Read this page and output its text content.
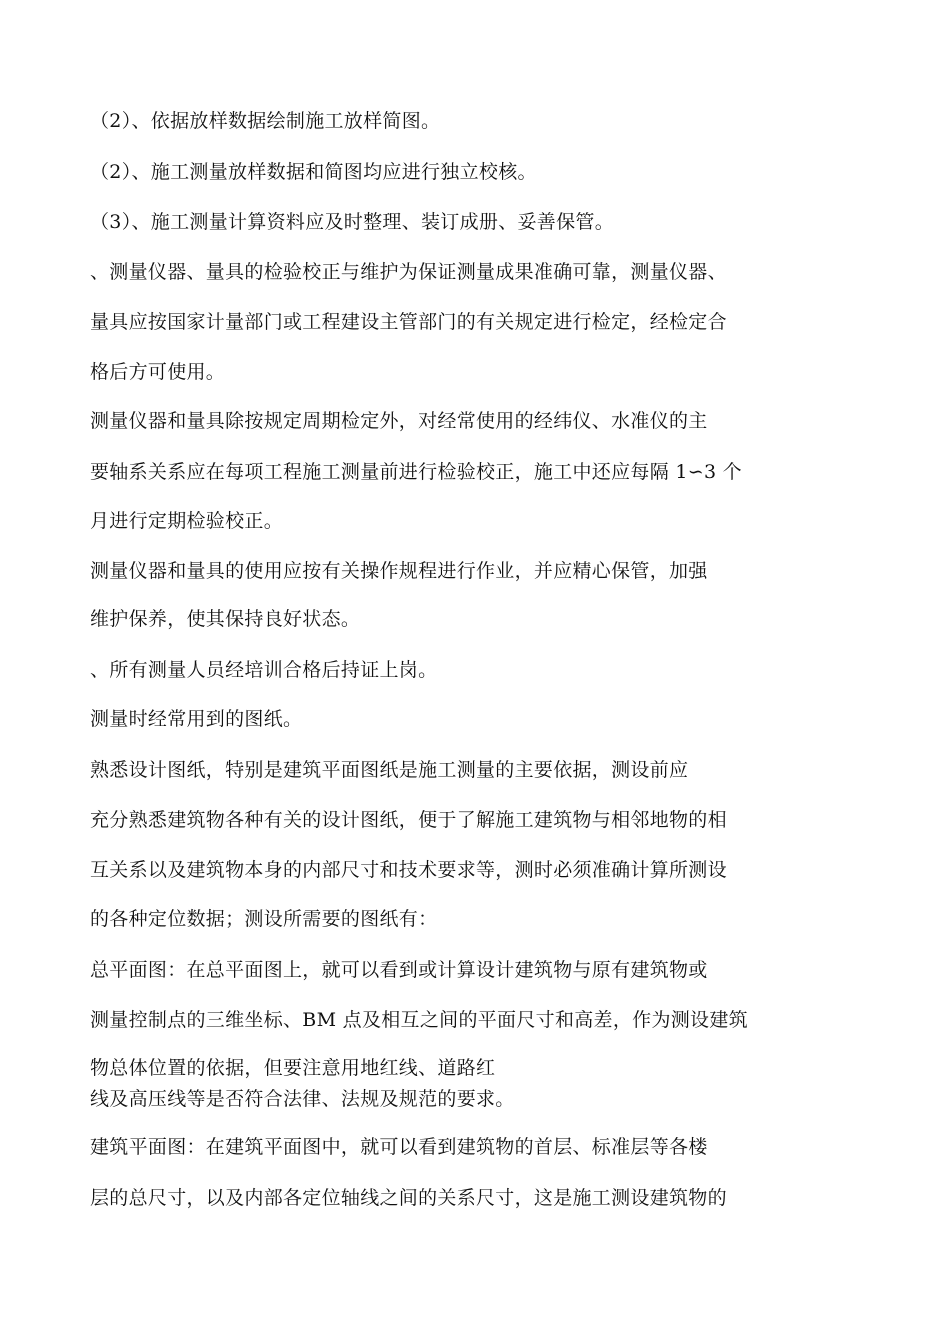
（2）、依据放样数据绘制施工放样简图。

（2）、施工测量放样数据和简图均应进行独立校核。

（3）、施工测量计算资料应及时整理、装订成册、妥善保管。

、测量仪器、量具的检验校正与维护为保证测量成果准确可靠，测量仪器、

量具应按国家计量部门或工程建设主管部门的有关规定进行检定，经检定合

格后方可使用。

测量仪器和量具除按规定周期检定外，对经常使用的经纬仪、水准仪的主

要轴系关系应在每项工程施工测量前进行检验校正，施工中还应每隔 1∽3 个

月进行定期检验校正。

测量仪器和量具的使用应按有关操作规程进行作业，并应精心保管，加强

维护保养，使其保持良好状态。

、所有测量人员经培训合格后持证上岗。

测量时经常用到的图纸。

熟悉设计图纸，特别是建筑平面图纸是施工测量的主要依据，测设前应

充分熟悉建筑物各种有关的设计图纸，便于了解施工建筑物与相邻地物的相

互关系以及建筑物本身的内部尺寸和技术要求等，测时必须准确计算所测设

的各种定位数据；测设所需要的图纸有：

总平面图：在总平面图上，就可以看到或计算设计建筑物与原有建筑物或

测量控制点的三维坐标、BM 点及相互之间的平面尺寸和高差，作为测设建筑

物总体位置的依据，但要注意用地红线、道路红

线及高压线等是否符合法律、法规及规范的要求。

建筑平面图：在建筑平面图中，就可以看到建筑物的首层、标准层等各楼

层的总尺寸，以及内部各定位轴线之间的关系尺寸，这是施工测设建筑物的
